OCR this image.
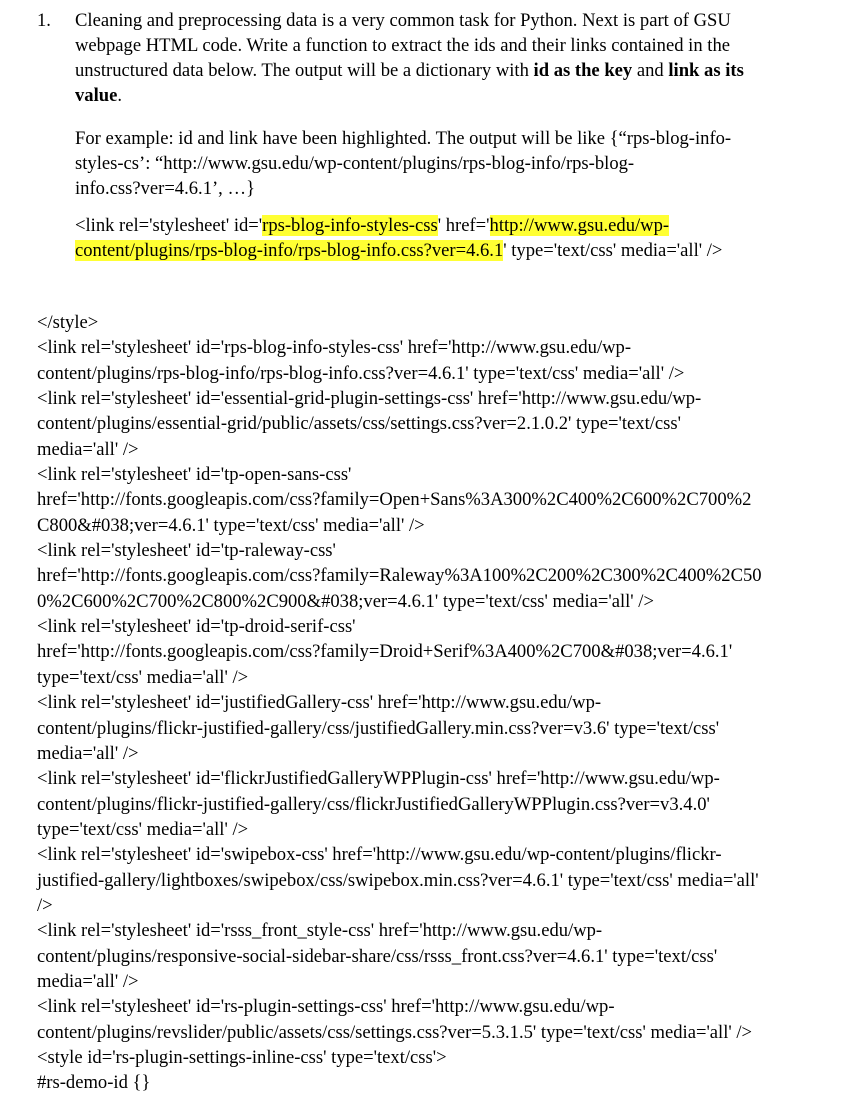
1. Cleaning and preprocessing data is a very common task for Python. Next is part of GSU
webpage HTML code. Write a function to extract the ids and their links contained in the
unstructured data below. The output will be a dictionary with id as the key and link as its
value.
For example: id and link have been highlighted. The output will be like {“rps-blog-info-
styles-cs’: “http://www.gsu.edu/wp-content/plugins/rps-blog-info/rps-blog-
info.css?ver=4.6.1’, …}
<link rel='stylesheet' id='rps-blog-info-styles-css' href='http://www.gsu.edu/wp-
content/plugins/rps-blog-info/rps-blog-info.css?ver=4.6.1' type='text/css' media='all' />
</style>
<link rel='stylesheet' id='rps-blog-info-styles-css' href='http://www.gsu.edu/wp-
content/plugins/rps-blog-info/rps-blog-info.css?ver=4.6.1' type='text/css' media='all' />
<link rel='stylesheet' id='essential-grid-plugin-settings-css' href='http://www.gsu.edu/wp-
content/plugins/essential-grid/public/assets/css/settings.css?ver=2.1.0.2' type='text/css'
media='all' />
<link rel='stylesheet' id='tp-open-sans-css'
href='http://fonts.googleapis.com/css?family=Open+Sans%3A300%2C400%2C600%2C700%2
C800&#038;ver=4.6.1' type='text/css' media='all' />
<link rel='stylesheet' id='tp-raleway-css'
href='http://fonts.googleapis.com/css?family=Raleway%3A100%2C200%2C300%2C400%2C50
0%2C600%2C700%2C800%2C900&#038;ver=4.6.1' type='text/css' media='all' />
<link rel='stylesheet' id='tp-droid-serif-css'
href='http://fonts.googleapis.com/css?family=Droid+Serif%3A400%2C700&#038;ver=4.6.1'
type='text/css' media='all' />
<link rel='stylesheet' id='justifiedGallery-css' href='http://www.gsu.edu/wp-
content/plugins/flickr-justified-gallery/css/justifiedGallery.min.css?ver=v3.6' type='text/css'
media='all' />
<link rel='stylesheet' id='flickrJustifiedGalleryWPPlugin-css' href='http://www.gsu.edu/wp-
content/plugins/flickr-justified-gallery/css/flickrJustifiedGalleryWPPlugin.css?ver=v3.4.0'
type='text/css' media='all' />
<link rel='stylesheet' id='swipebox-css' href='http://www.gsu.edu/wp-content/plugins/flickr-
justified-gallery/lightboxes/swipebox/css/swipebox.min.css?ver=4.6.1' type='text/css' media='all'
/>
<link rel='stylesheet' id='rsss_front_style-css' href='http://www.gsu.edu/wp-
content/plugins/responsive-social-sidebar-share/css/rsss_front.css?ver=4.6.1' type='text/css'
media='all' />
<link rel='stylesheet' id='rs-plugin-settings-css' href='http://www.gsu.edu/wp-
content/plugins/revslider/public/assets/css/settings.css?ver=5.3.1.5' type='text/css' media='all' />
<style id='rs-plugin-settings-inline-css' type='text/css'>
#rs-demo-id {}
